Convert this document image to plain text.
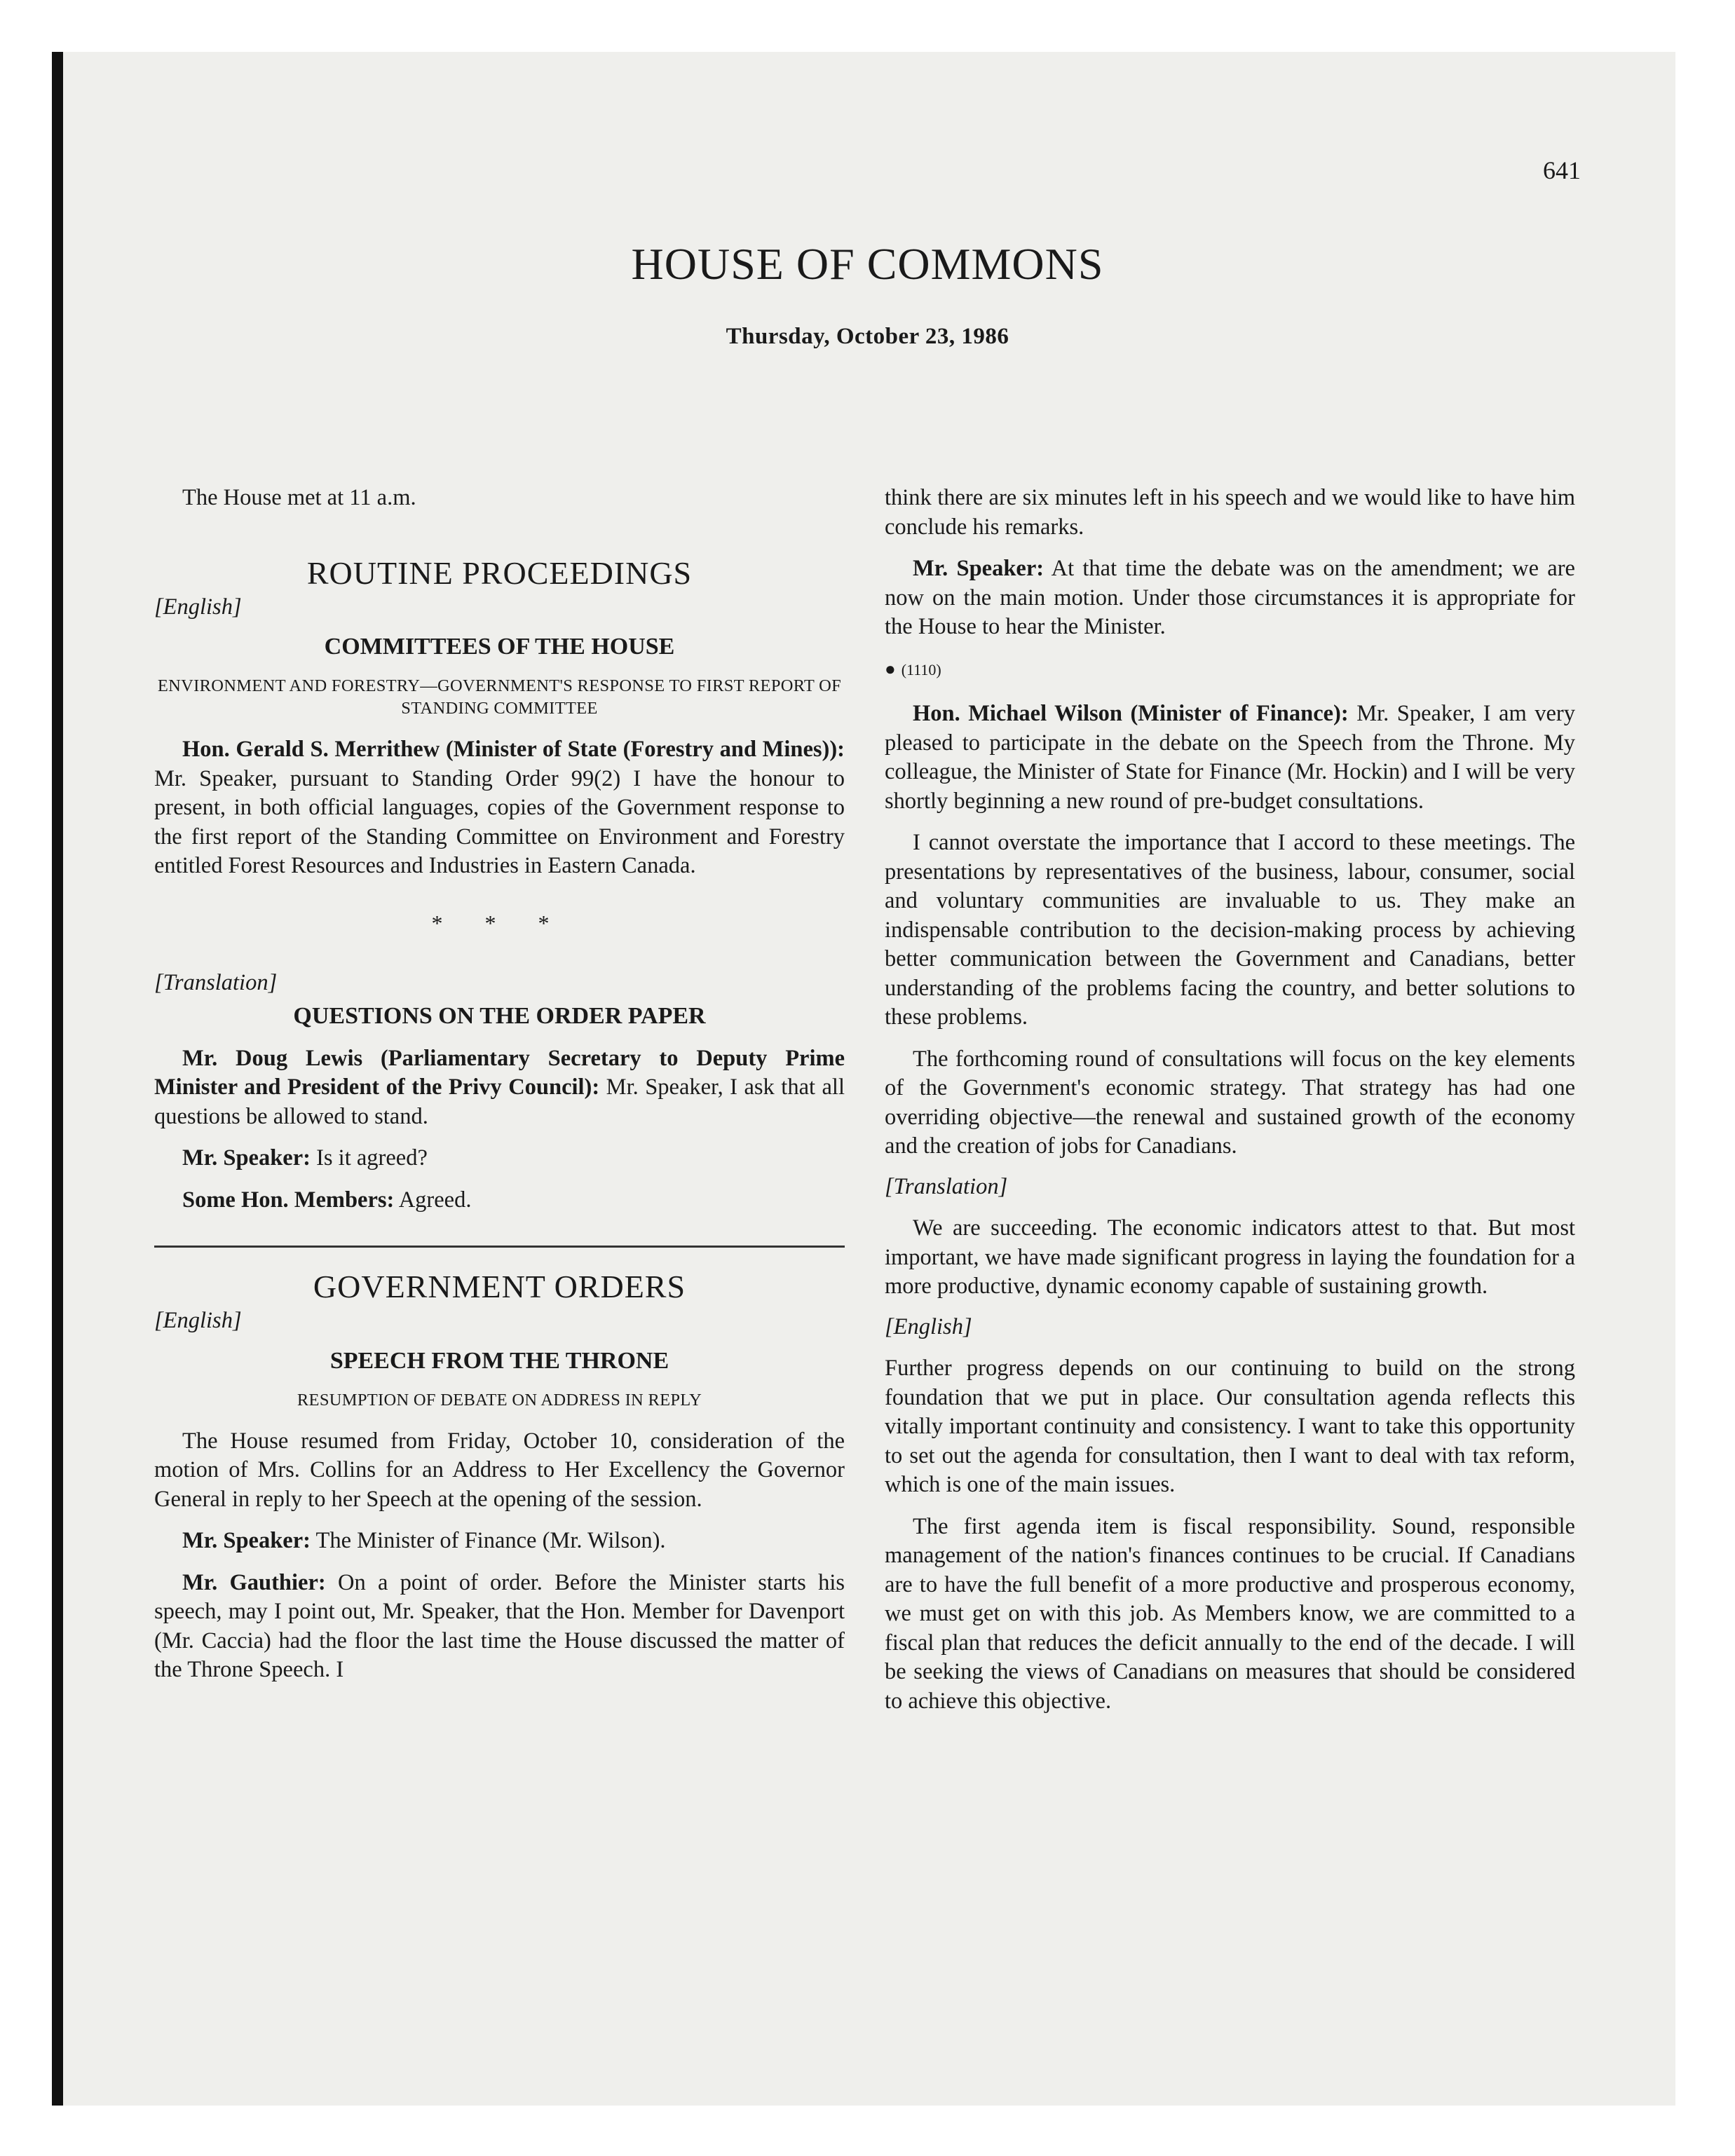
641
HOUSE OF COMMONS
Thursday, October 23, 1986

The House met at 11 a.m.

ROUTINE PROCEEDINGS

[English]

COMMITTEES OF THE HOUSE
ENVIRONMENT AND FORESTRY—GOVERNMENT'S RESPONSE TO FIRST REPORT OF STANDING COMMITTEE

Hon. Gerald S. Merrithew (Minister of State (Forestry and Mines)): Mr. Speaker, pursuant to Standing Order 99(2) I have the honour to present, in both official languages, copies of the Government response to the first report of the Standing Committee on Environment and Forestry entitled Forest Resources and Industries in Eastern Canada.

* * *

[Translation]

QUESTIONS ON THE ORDER PAPER

Mr. Doug Lewis (Parliamentary Secretary to Deputy Prime Minister and President of the Privy Council): Mr. Speaker, I ask that all questions be allowed to stand.

Mr. Speaker: Is it agreed?

Some Hon. Members: Agreed.

GOVERNMENT ORDERS

[English]

SPEECH FROM THE THRONE
RESUMPTION OF DEBATE ON ADDRESS IN REPLY

The House resumed from Friday, October 10, consideration of the motion of Mrs. Collins for an Address to Her Excellency the Governor General in reply to her Speech at the opening of the session.

Mr. Speaker: The Minister of Finance (Mr. Wilson).

Mr. Gauthier: On a point of order. Before the Minister starts his speech, may I point out, Mr. Speaker, that the Hon. Member for Davenport (Mr. Caccia) had the floor the last time the House discussed the matter of the Throne Speech. I

think there are six minutes left in his speech and we would like to have him conclude his remarks.

Mr. Speaker: At that time the debate was on the amendment; we are now on the main motion. Under those circumstances it is appropriate for the House to hear the Minister.

● (1110)

Hon. Michael Wilson (Minister of Finance): Mr. Speaker, I am very pleased to participate in the debate on the Speech from the Throne. My colleague, the Minister of State for Finance (Mr. Hockin) and I will be very shortly beginning a new round of pre-budget consultations.

I cannot overstate the importance that I accord to these meetings. The presentations by representatives of the business, labour, consumer, social and voluntary communities are invaluable to us. They make an indispensable contribution to the decision-making process by achieving better communication between the Government and Canadians, better understanding of the problems facing the country, and better solutions to these problems.

The forthcoming round of consultations will focus on the key elements of the Government's economic strategy. That strategy has had one overriding objective—the renewal and sustained growth of the economy and the creation of jobs for Canadians.

[Translation]

We are succeeding. The economic indicators attest to that. But most important, we have made significant progress in laying the foundation for a more productive, dynamic economy capable of sustaining growth.

[English]

Further progress depends on our continuing to build on the strong foundation that we put in place. Our consultation agenda reflects this vitally important continuity and consistency. I want to take this opportunity to set out the agenda for consultation, then I want to deal with tax reform, which is one of the main issues.

The first agenda item is fiscal responsibility. Sound, responsible management of the nation's finances continues to be crucial. If Canadians are to have the full benefit of a more productive and prosperous economy, we must get on with this job. As Members know, we are committed to a fiscal plan that reduces the deficit annually to the end of the decade. I will be seeking the views of Canadians on measures that should be considered to achieve this objective.
